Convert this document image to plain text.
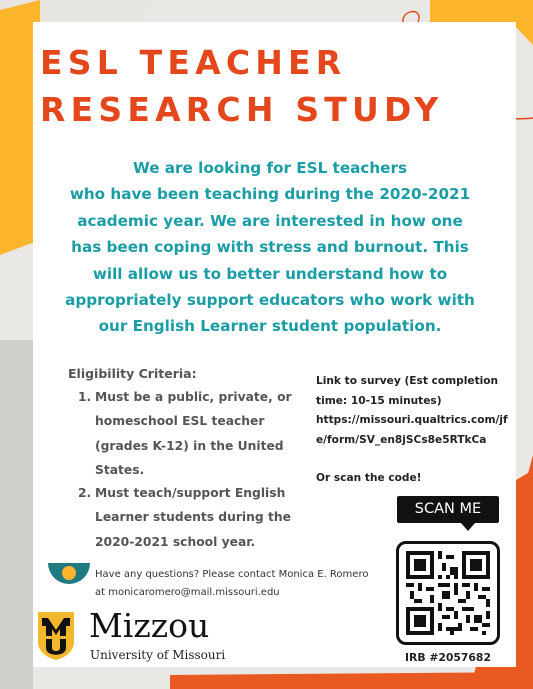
ESL TEACHER
RESEARCH STUDY
We are looking for ESL teachers
who have been teaching during the 2020-2021
academic year. We are interested in how one
has been coping with stress and burnout. This
will allow us to better understand how to
appropriately support educators who work with
our English Learner student population.
Eligibility Criteria:
1. Must be a public, private, or
homeschool ESL teacher
(grades K-12) in the United
States.
2. Must teach/support English
Learner students during the
2020-2021 school year.
Link to survey (Est completion
time: 10-15 minutes)
https://missouri.qualtrics.com/jf
e/form/SV_en8jSCs8e5RTkCa
Or scan the code!
SCAN ME
IRB #2057682
Have any questions? Please contact Monica E. Romero
at monicaromero@mail.missouri.edu
Mizzou
University of Missouri
